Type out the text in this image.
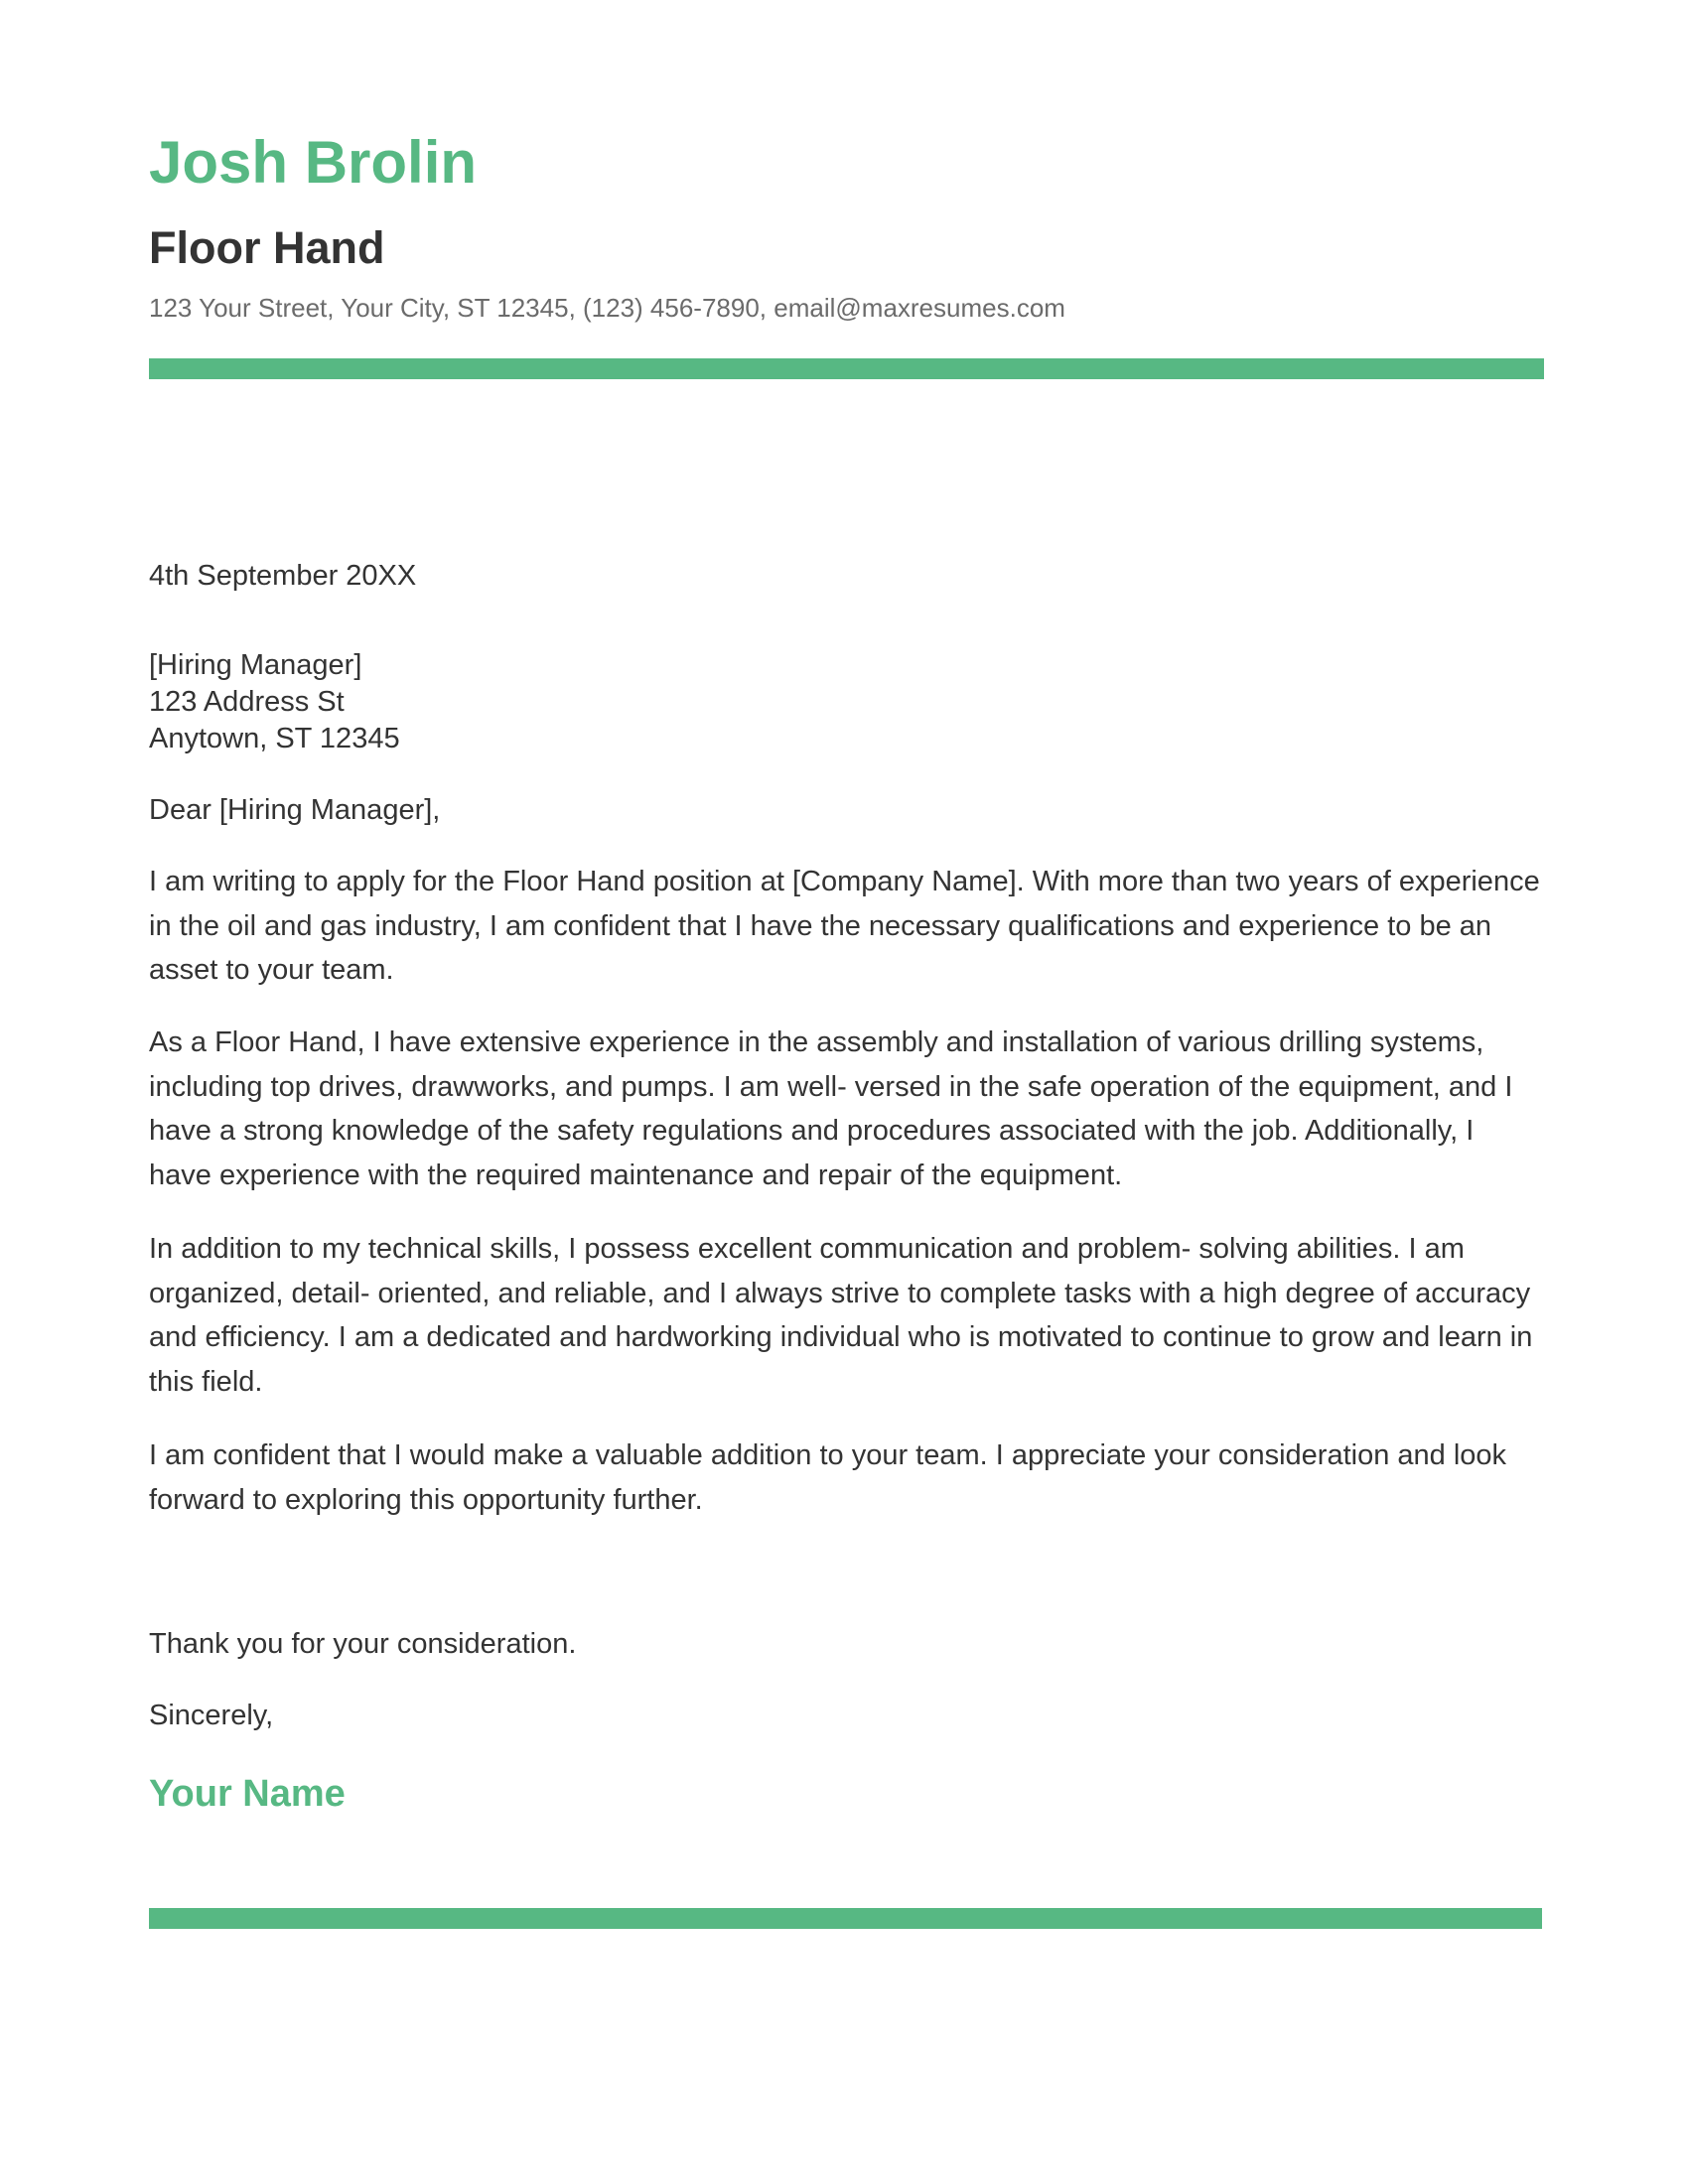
Josh Brolin
Floor Hand
123 Your Street, Your City, ST 12345, (123) 456-7890, email@maxresumes.com
4th September 20XX
[Hiring Manager]
123 Address St
Anytown, ST 12345
Dear [Hiring Manager],
I am writing to apply for the Floor Hand position at [Company Name]. With more than two years of experience in the oil and gas industry, I am confident that I have the necessary qualifications and experience to be an asset to your team.
As a Floor Hand, I have extensive experience in the assembly and installation of various drilling systems, including top drives, drawworks, and pumps. I am well- versed in the safe operation of the equipment, and I have a strong knowledge of the safety regulations and procedures associated with the job. Additionally, I have experience with the required maintenance and repair of the equipment.
In addition to my technical skills, I possess excellent communication and problem- solving abilities. I am organized, detail- oriented, and reliable, and I always strive to complete tasks with a high degree of accuracy and efficiency. I am a dedicated and hardworking individual who is motivated to continue to grow and learn in this field.
I am confident that I would make a valuable addition to your team. I appreciate your consideration and look forward to exploring this opportunity further.
Thank you for your consideration.
Sincerely,
Your Name
